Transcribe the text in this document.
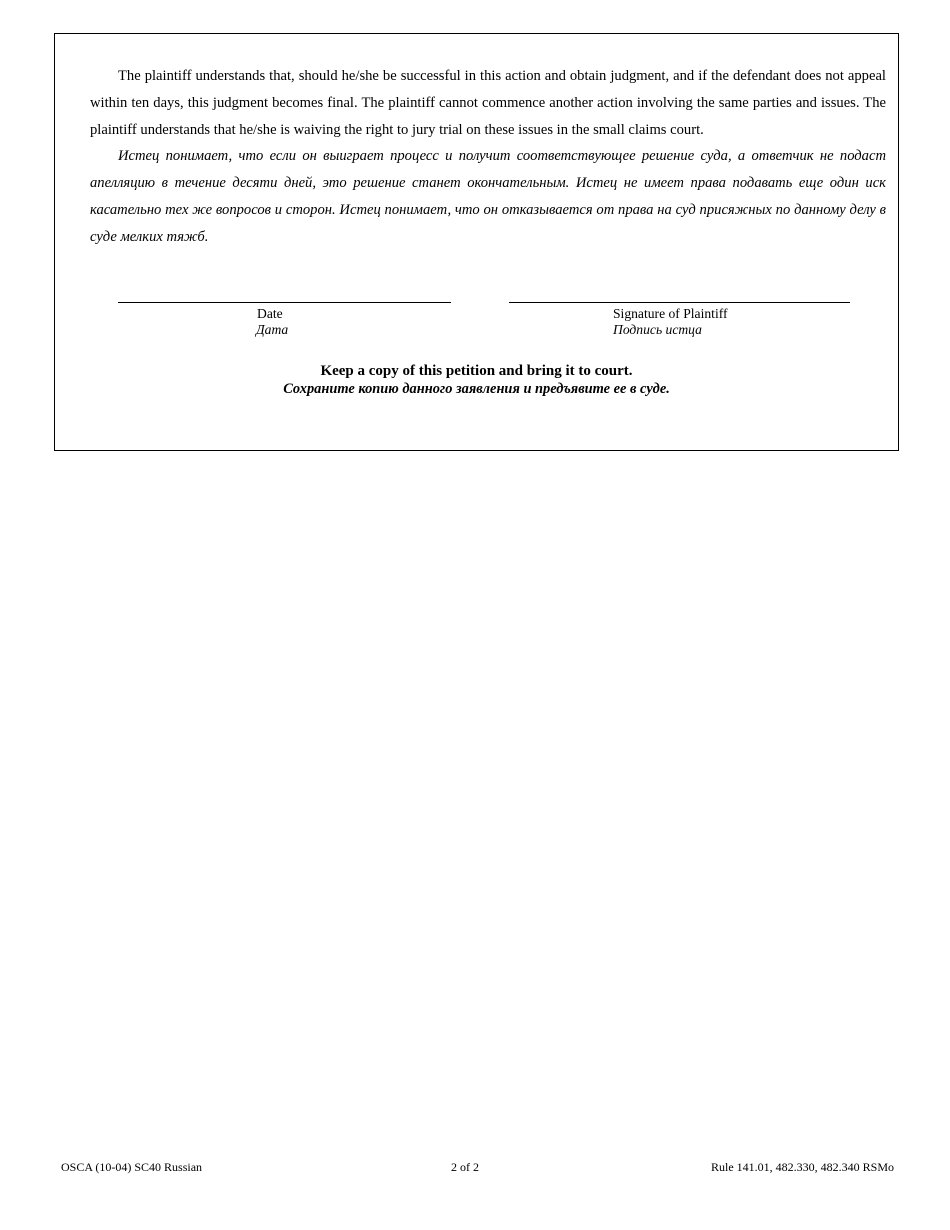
The plaintiff understands that, should he/she be successful in this action and obtain judgment, and if the defendant does not appeal within ten days, this judgment becomes final. The plaintiff cannot commence another action involving the same parties and issues. The plaintiff understands that he/she is waiving the right to jury trial on these issues in the small claims court.

Истец понимает, что если он выиграет процесс и получит соответствующее решение суда, а ответчик не подаст апелляцию в течение десяти дней, это решение станет окончательным. Истец не имеет права подавать еще один иск касательно тех же вопросов и сторон. Истец понимает, что он отказывается от права на суд присяжных по данному делу в суде мелких тяжб.

Date
Дата
Signature of Plaintiff
Подпись истца
Keep a copy of this petition and bring it to court.
Сохраните копию данного заявления и предъявите ее в суде.
OSCA (10-04) SC40 Russian	2 of 2	Rule 141.01, 482.330, 482.340 RSMo
